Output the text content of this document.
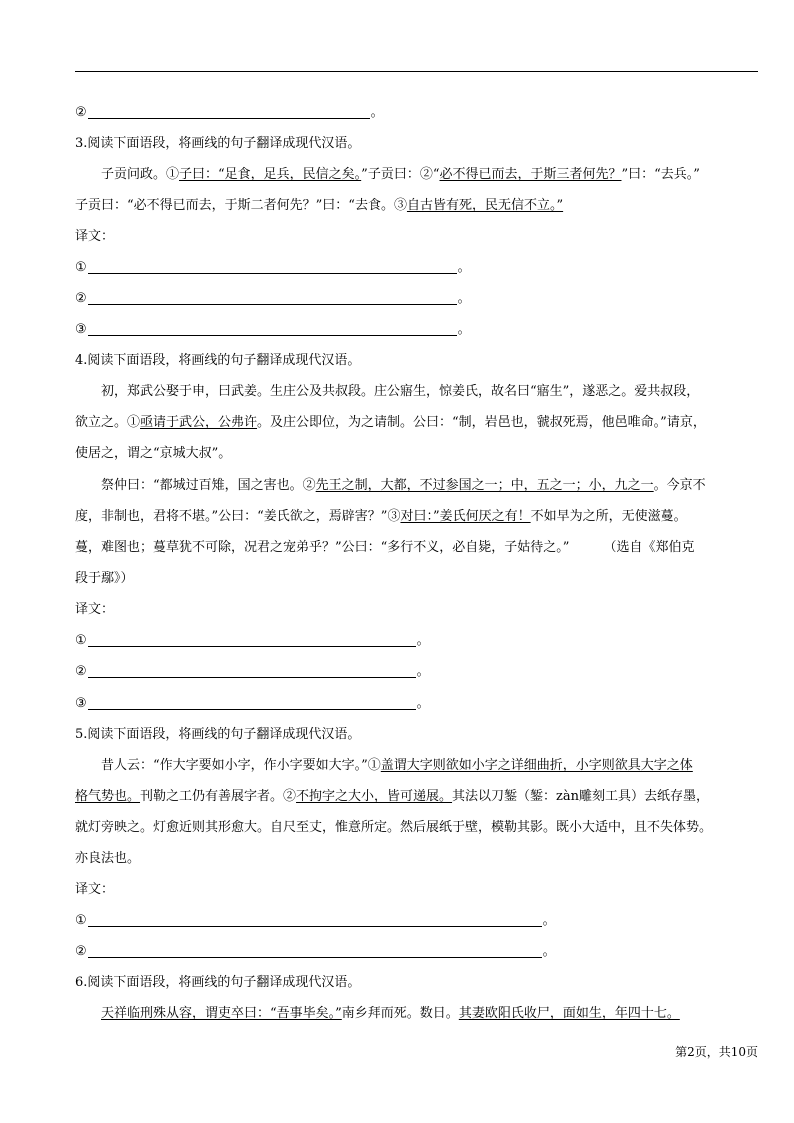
②	。
3.阅读下面语段，将画线的句子翻译成现代汉语。
子贡问政。①子曰：“足食，足兵，民信之矣。”子贡曰：②“必不得已而去，于斯三者何先？”曰：“去兵。”
子贡曰：“必不得已而去，于斯二者何先？”曰：“去食。③自古皆有死，民无信不立。”
译文：
①	。
②	。
③	。
4.阅读下面语段，将画线的句子翻译成现代汉语。
初，郑武公娶于申，曰武姜。生庄公及共叔段。庄公寤生，惊姜氏，故名曰“寤生”，遂恶之。爱共叔段，
欲立之。①亟请于武公，公弗许。及庄公即位，为之请制。公曰：“制，岩邑也，虢叔死焉，他邑唯命。”请京，
使居之，谓之“京城大叔”。
祭仲曰：“都城过百雉，国之害也。②先王之制，大都，不过参国之一；中，五之一；小，九之一。今京不
度，非制也，君将不堪。”公曰：“姜氏欲之，焉辟害？”③对曰：”姜氏何厌之有！不如早为之所，无使滋蔓。
蔓，难图也；蔓草犹不可除，况君之宠弟乎？”公曰：“多行不义，必自毙，子姑待之。”	（选自《郑伯克
段于鄢》）
译文：
①	。
②	。
③	。
5.阅读下面语段，将画线的句子翻译成现代汉语。
昔人云：“作大字要如小字，作小字要如大字。”①盖谓大字则欲如小字之详细曲折，小字则欲具大字之体
格气势也。刊勒之工仍有善展字者。②不拘字之大小，皆可递展。其法以刀錾（錾：zàn雕刻工具）去纸存墨，
就灯旁映之。灯愈近则其形愈大。自尺至丈，惟意所定。然后展纸于壁，模勒其影。既小大适中，且不失体势。
亦良法也。
译文：
①	。
②	。
6.阅读下面语段，将画线的句子翻译成现代汉语。
天祥临刑殊从容，谓吏卒曰：“吾事毕矣。”南乡拜而死。数日。其妻欧阳氏收尸，面如生，年四十七。
第2页，共10页
